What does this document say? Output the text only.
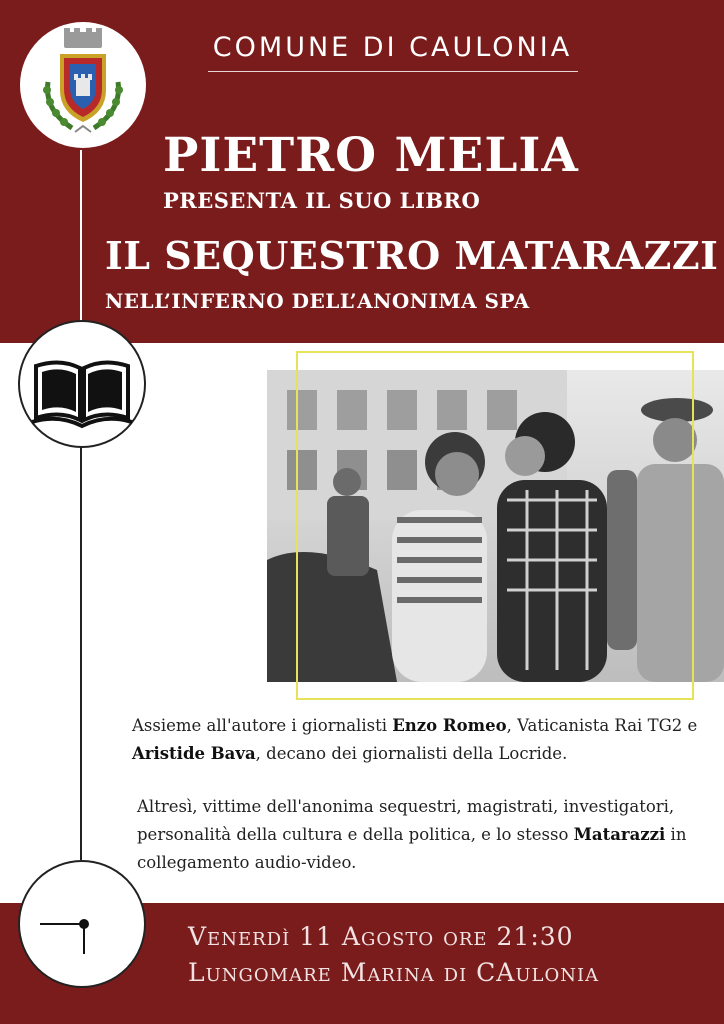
COMUNE DI CAULONIA
PIETRO MELIA
PRESENTA IL SUO LIBRO
IL SEQUESTRO MATARAZZI
NELL’INFERNO DELL’ANONIMA SPA

Assieme all'autore i giornalisti Enzo Romeo, Vaticanista Rai TG2 e Aristide Bava, decano dei giornalisti della Locride.

Altresì, vittime dell'anonima sequestri, magistrati, investigatori, personalità della cultura e della politica, e lo stesso Matarazzi in collegamento audio-video.

Venerdì 11 Agosto ore 21:30
Lungomare Marina di CAulonia
